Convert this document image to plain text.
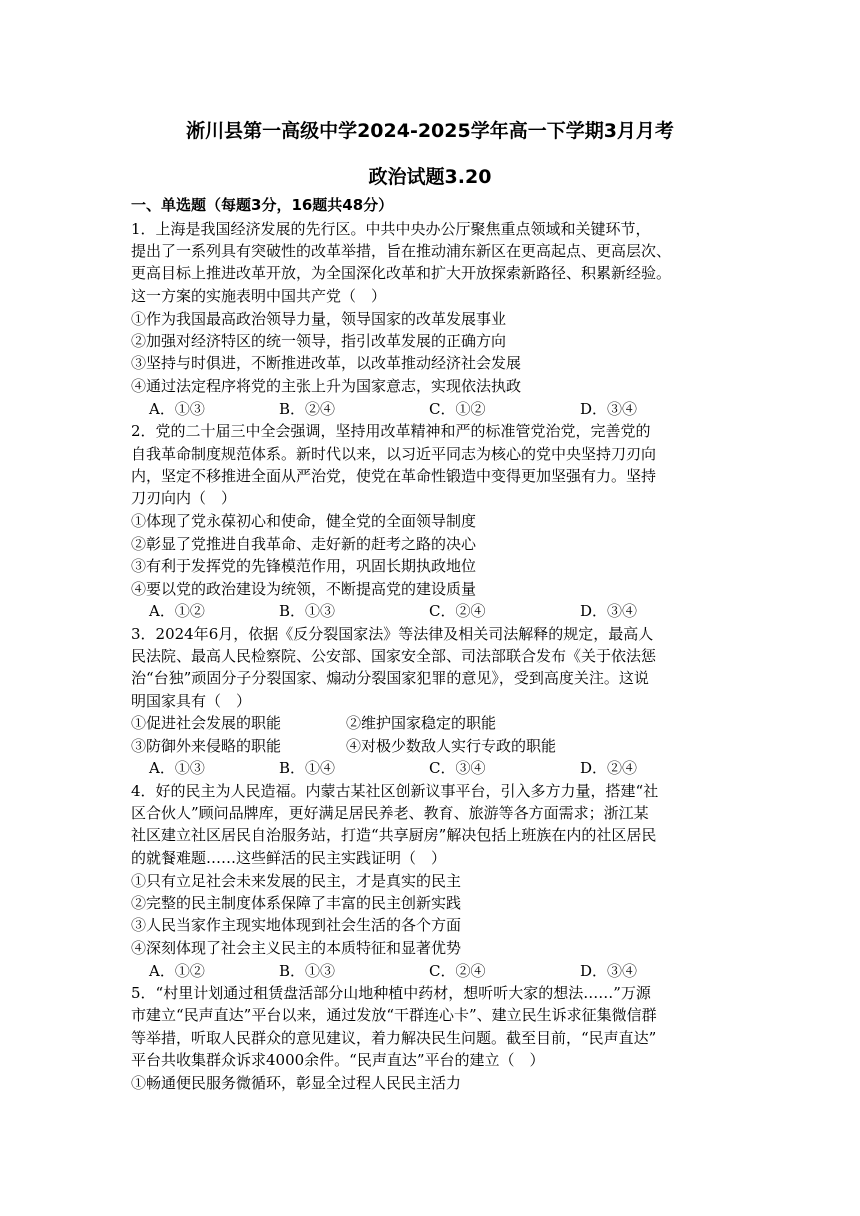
淅川县第一高级中学2024-2025学年高一下学期3月月考
政治试题3.20
一、单选题（每题3分，16题共48分）
1．上海是我国经济发展的先行区。中共中央办公厅聚焦重点领域和关键环节，
提出了一系列具有突破性的改革举措，旨在推动浦东新区在更高起点、更高层次、
更高目标上推进改革开放，为全国深化改革和扩大开放探索新路径、积累新经验。
这一方案的实施表明中国共产党（　）
①作为我国最高政治领导力量，领导国家的改革发展事业
②加强对经济特区的统一领导，指引改革发展的正确方向
③坚持与时俱进，不断推进改革，以改革推动经济社会发展
④通过法定程序将党的主张上升为国家意志，实现依法执政
A．①③	B．②④	C．①②	D．③④
2．党的二十届三中全会强调，坚持用改革精神和严的标准管党治党，完善党的
自我革命制度规范体系。新时代以来，以习近平同志为核心的党中央坚持刀刃向
内，坚定不移推进全面从严治党，使党在革命性锻造中变得更加坚强有力。坚持
刀刃向内（　）
①体现了党永葆初心和使命，健全党的全面领导制度
②彰显了党推进自我革命、走好新的赶考之路的决心
③有利于发挥党的先锋模范作用，巩固长期执政地位
④要以党的政治建设为统领，不断提高党的建设质量
A．①②	B．①③	C．②④	D．③④
3．2024年6月，依据《反分裂国家法》等法律及相关司法解释的规定，最高人
民法院、最高人民检察院、公安部、国家安全部、司法部联合发布《关于依法惩
治“台独”顽固分子分裂国家、煽动分裂国家犯罪的意见》，受到高度关注。这说
明国家具有（　）
①促进社会发展的职能	②维护国家稳定的职能
③防御外来侵略的职能	④对极少数敌人实行专政的职能
A．①③	B．①④	C．③④	D．②④
4．好的民主为人民造福。内蒙古某社区创新议事平台，引入多方力量，搭建“社
区合伙人”顾问品牌库，更好满足居民养老、教育、旅游等各方面需求；浙江某
社区建立社区居民自治服务站，打造“共享厨房”解决包括上班族在内的社区居民
的就餐难题……这些鲜活的民主实践证明（　）
①只有立足社会未来发展的民主，才是真实的民主
②完整的民主制度体系保障了丰富的民主创新实践
③人民当家作主现实地体现到社会生活的各个方面
④深刻体现了社会主义民主的本质特征和显著优势
A．①②	B．①③	C．②④	D．③④
5．“村里计划通过租赁盘活部分山地种植中药材，想听听大家的想法……”万源
市建立“民声直达”平台以来，通过发放“干群连心卡”、建立民生诉求征集微信群
等举措，听取人民群众的意见建议，着力解决民生问题。截至目前，“民声直达”
平台共收集群众诉求4000余件。“民声直达”平台的建立（　）
①畅通便民服务微循环，彰显全过程人民民主活力
